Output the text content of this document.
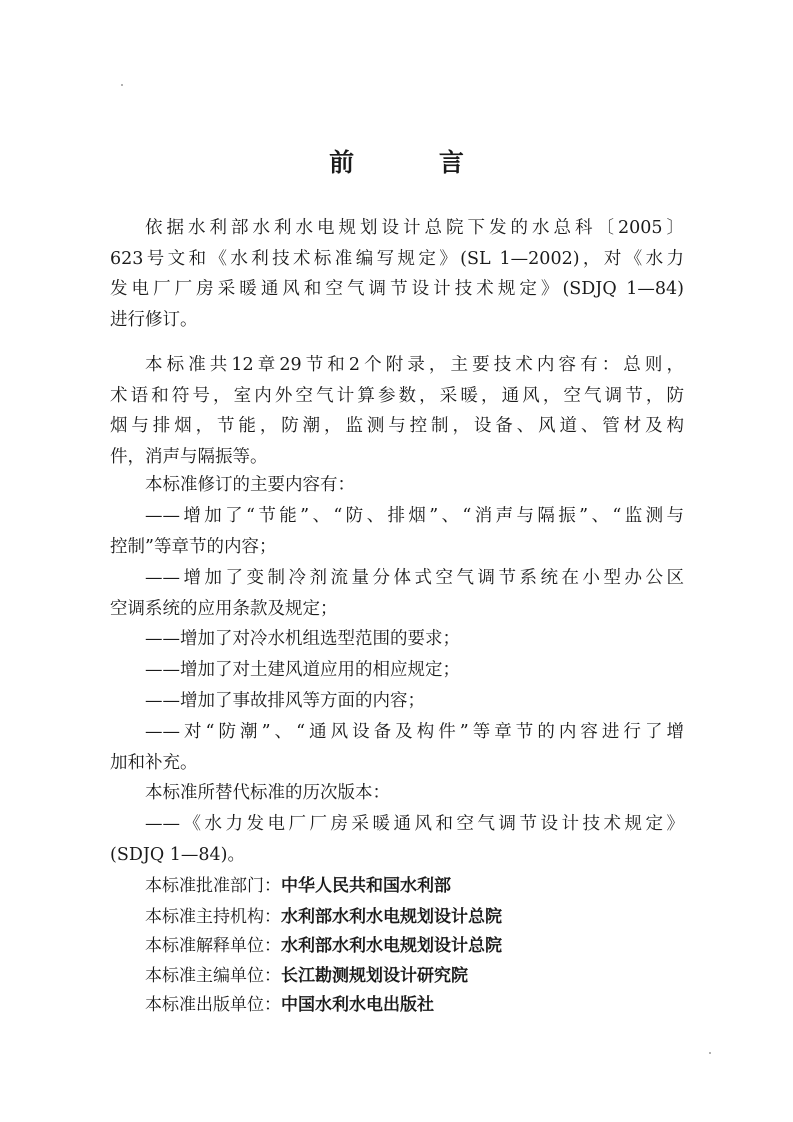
前 言
依据水利部水利水电规划设计总院下发的水总科〔2005〕
623号文和《水利技术标准编写规定》(SL 1—2002)，对《水力
发电厂厂房采暖通风和空气调节设计技术规定》(SDJQ 1—84)
进行修订。
本标准共12章29节和2个附录，主要技术内容有：总则，
术语和符号，室内外空气计算参数，采暖，通风，空气调节，防
烟与排烟，节能，防潮，监测与控制，设备、风道、管材及构
件，消声与隔振等。
本标准修订的主要内容有：
——增加了“节能”、“防、排烟”、“消声与隔振”、“监测与
控制”等章节的内容；
——增加了变制冷剂流量分体式空气调节系统在小型办公区
空调系统的应用条款及规定；
——增加了对冷水机组选型范围的要求；
——增加了对土建风道应用的相应规定；
——增加了事故排风等方面的内容；
——对“防潮”、“通风设备及构件”等章节的内容进行了增
加和补充。
本标准所替代标准的历次版本：
——《水力发电厂厂房采暖通风和空气调节设计技术规定》
(SDJQ 1—84)。
本标准批准部门：中华人民共和国水利部
本标准主持机构：水利部水利水电规划设计总院
本标准解释单位：水利部水利水电规划设计总院
本标准主编单位：长江勘测规划设计研究院
本标准出版单位：中国水利水电出版社
